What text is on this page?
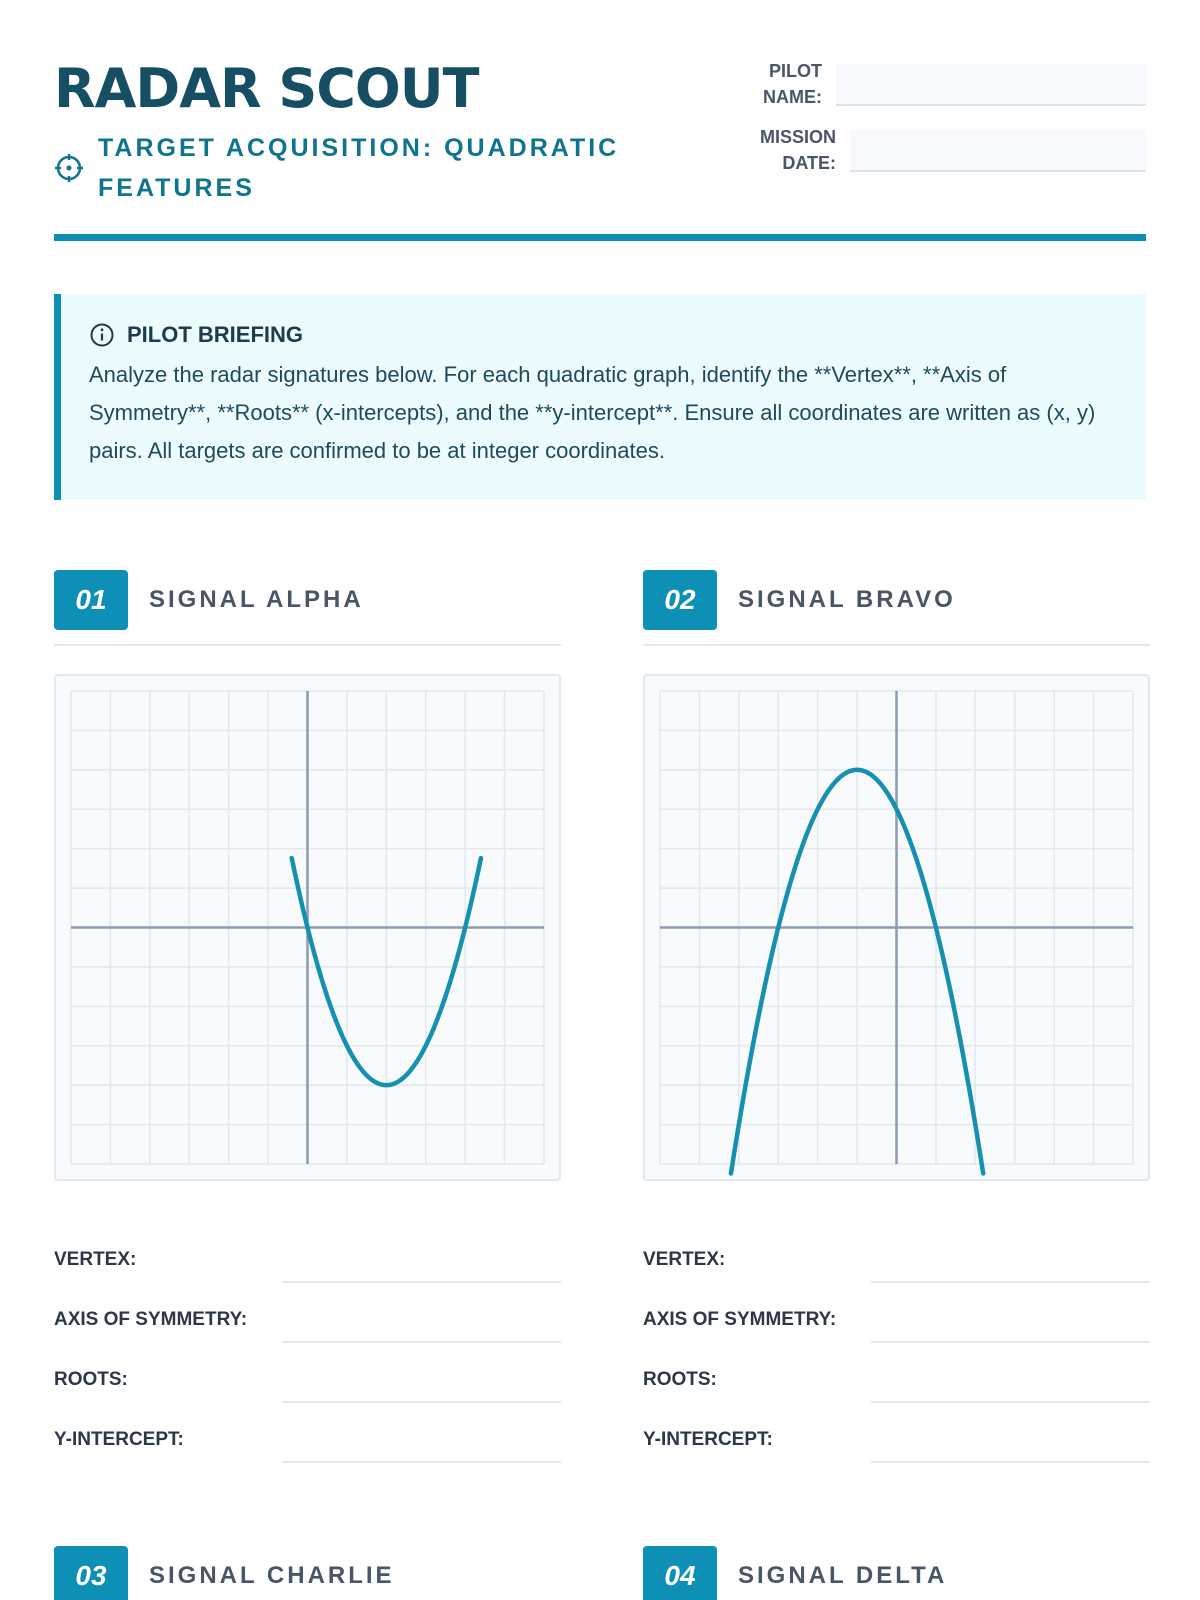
RADAR SCOUT
TARGET ACQUISITION: QUADRATIC FEATURES
PILOT NAME:
MISSION DATE:
PILOT BRIEFING
Analyze the radar signatures below. For each quadratic graph, identify the **Vertex**, **Axis of Symmetry**, **Roots** (x-intercepts), and the **y-intercept**. Ensure all coordinates are written as (x, y) pairs. All targets are confirmed to be at integer coordinates.
01	SIGNAL ALPHA
VERTEX:
AXIS OF SYMMETRY:
ROOTS:
Y-INTERCEPT:
02	SIGNAL BRAVO
VERTEX:
AXIS OF SYMMETRY:
ROOTS:
Y-INTERCEPT:
03	SIGNAL CHARLIE	04	SIGNAL DELTA
